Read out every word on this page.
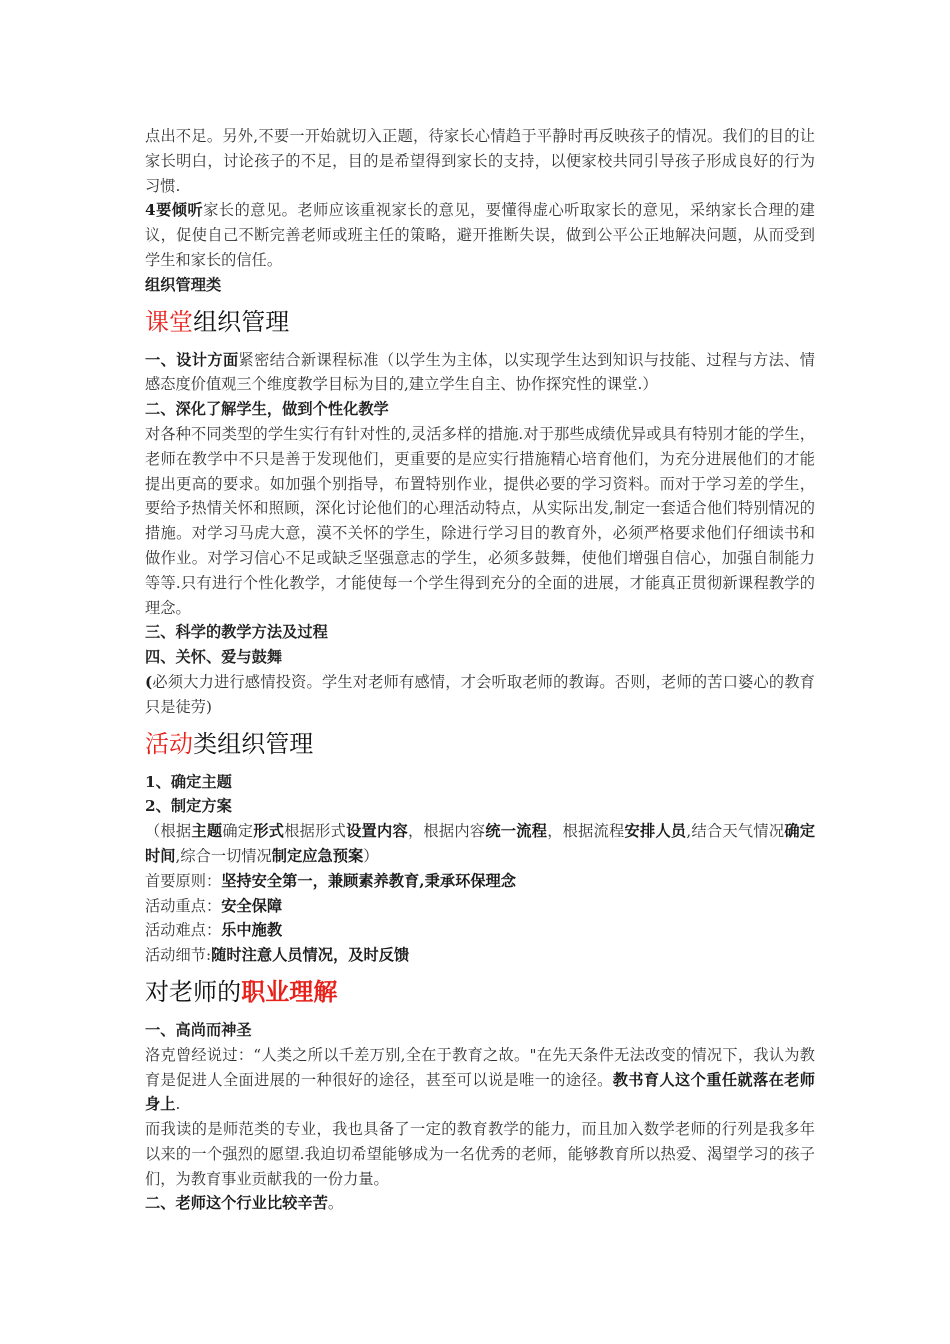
点出不足。另外,不要一开始就切入正题，待家长心情趋于平静时再反映孩子的情况。我们的目的让家长明白，讨论孩子的不足，目的是希望得到家长的支持，以便家校共同引导孩子形成良好的行为习惯.

4要倾听家长的意见。老师应该重视家长的意见，要懂得虚心听取家长的意见，采纳家长合理的建议，促使自己不断完善老师或班主任的策略，避开推断失误，做到公平公正地解决问题，从而受到学生和家长的信任。

组织管理类

课堂组织管理

一、设计方面紧密结合新课程标准（以学生为主体，以实现学生达到知识与技能、过程与方法、情感态度价值观三个维度教学目标为目的,建立学生自主、协作探究性的课堂.）

二、深化了解学生，做到个性化教学

对各种不同类型的学生实行有针对性的,灵活多样的措施.对于那些成绩优异或具有特别才能的学生，老师在教学中不只是善于发现他们，更重要的是应实行措施精心培育他们，为充分进展他们的才能提出更高的要求。如加强个别指导，布置特别作业，提供必要的学习资料。而对于学习差的学生，要给予热情关怀和照顾，深化讨论他们的心理活动特点，从实际出发,制定一套适合他们特别情况的措施。对学习马虎大意，漠不关怀的学生，除进行学习目的教育外，必须严格要求他们仔细读书和做作业。对学习信心不足或缺乏坚强意志的学生，必须多鼓舞，使他们增强自信心，加强自制能力等等.只有进行个性化教学，才能使每一个学生得到充分的全面的进展，才能真正贯彻新课程教学的理念。

三、科学的教学方法及过程

四、关怀、爱与鼓舞

(必须大力进行感情投资。学生对老师有感情，才会听取老师的教诲。否则，老师的苦口婆心的教育只是徒劳)

活动类组织管理

1、确定主题

2、制定方案

（根据主题确定形式根据形式设置内容，根据内容统一流程，根据流程安排人员,结合天气情况确定时间,综合一切情况制定应急预案）

首要原则：坚持安全第一，兼顾素养教育,秉承环保理念

活动重点：安全保障

活动难点：乐中施教

活动细节:随时注意人员情况，及时反馈

对老师的职业理解

一、高尚而神圣

洛克曾经说过：“人类之所以千差万别,全在于教育之故。"在先天条件无法改变的情况下，我认为教育是促进人全面进展的一种很好的途径，甚至可以说是唯一的途径。教书育人这个重任就落在老师身上.

而我读的是师范类的专业，我也具备了一定的教育教学的能力，而且加入数学老师的行列是我多年以来的一个强烈的愿望.我迫切希望能够成为一名优秀的老师，能够教育所以热爱、渴望学习的孩子们，为教育事业贡献我的一份力量。

二、老师这个行业比较辛苦。
